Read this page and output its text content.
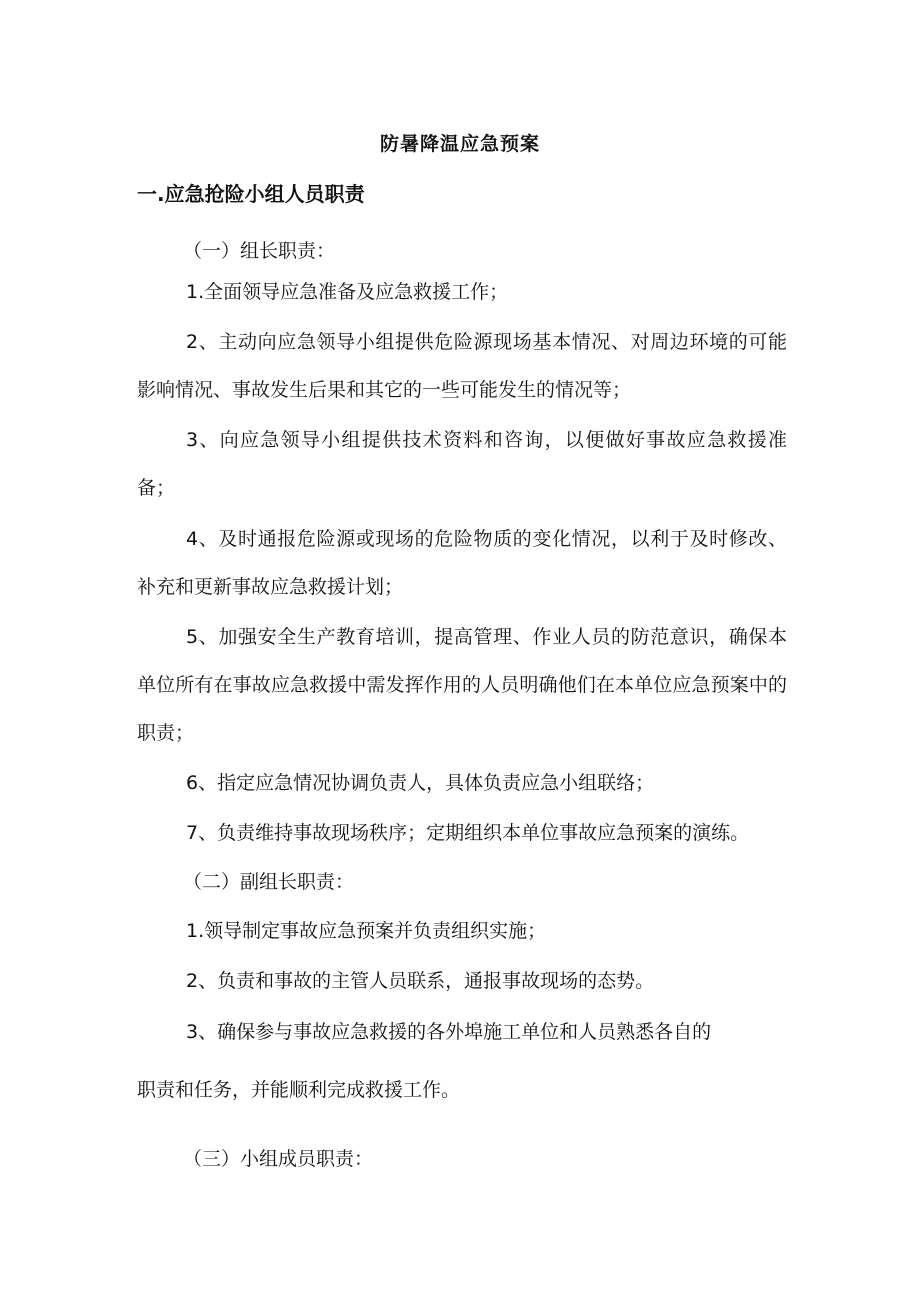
防暑降温应急预案
一.应急抢险小组人员职责

（一）组长职责：

1.全面领导应急准备及应急救援工作；

2、主动向应急领导小组提供危险源现场基本情况、对周边环境的可能影响情况、事故发生后果和其它的一些可能发生的情况等；

3、向应急领导小组提供技术资料和咨询，以便做好事故应急救援准备；

4、及时通报危险源或现场的危险物质的变化情况，以利于及时修改、补充和更新事故应急救援计划；

5、加强安全生产教育培训，提高管理、作业人员的防范意识，确保本单位所有在事故应急救援中需发挥作用的人员明确他们在本单位应急预案中的职责；

6、指定应急情况协调负责人，具体负责应急小组联络；

7、负责维持事故现场秩序；定期组织本单位事故应急预案的演练。

（二）副组长职责：

1.领导制定事故应急预案并负责组织实施；

2、负责和事故的主管人员联系，通报事故现场的态势。

3、确保参与事故应急救援的各外埠施工单位和人员熟悉各自的

职责和任务，并能顺利完成救援工作。

（三）小组成员职责：
